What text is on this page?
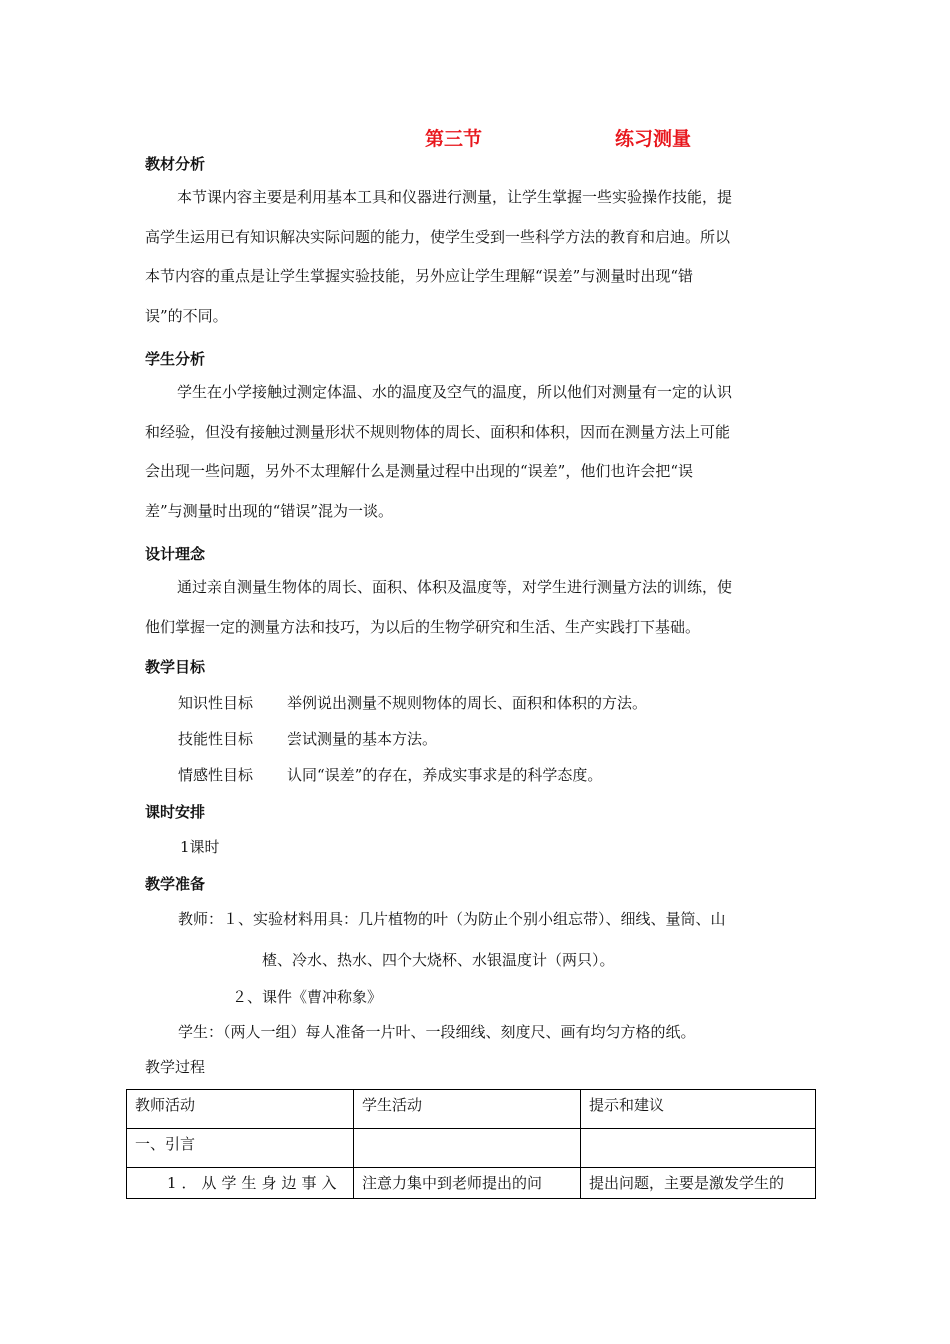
第三节	练习测量
教材分析
本节课内容主要是利用基本工具和仪器进行测量，让学生掌握一些实验操作技能，提
高学生运用已有知识解决实际问题的能力，使学生受到一些科学方法的教育和启迪。所以
本节内容的重点是让学生掌握实验技能，另外应让学生理解“误差”与测量时出现“错
误”的不同。
学生分析
学生在小学接触过测定体温、水的温度及空气的温度，所以他们对测量有一定的认识
和经验，但没有接触过测量形状不规则物体的周长、面积和体积，因而在测量方法上可能
会出现一些问题，另外不太理解什么是测量过程中出现的“误差”，他们也许会把“误
差”与测量时出现的“错误”混为一谈。
设计理念
通过亲自测量生物体的周长、面积、体积及温度等，对学生进行测量方法的训练，使
他们掌握一定的测量方法和技巧，为以后的生物学研究和生活、生产实践打下基础。
教学目标
知识性目标 举例说出测量不规则物体的周长、面积和体积的方法。
技能性目标 尝试测量的基本方法。
情感性目标 认同“误差”的存在，养成实事求是的科学态度。
课时安排
1课时
教学准备
教师：１、实验材料用具：几片植物的叶（为防止个别小组忘带）、细线、量筒、山
楂、冷水、热水、四个大烧杯、水银温度计（两只）。
２、课件《曹冲称象》
学生：（两人一组）每人准备一片叶、一段细线、刻度尺、画有均匀方格的纸。
教学过程
教师活动	学生活动	提示和建议
一、引言		
1．从学生身边事入	注意力集中到老师提出的问	提出问题，主要是激发学生的
